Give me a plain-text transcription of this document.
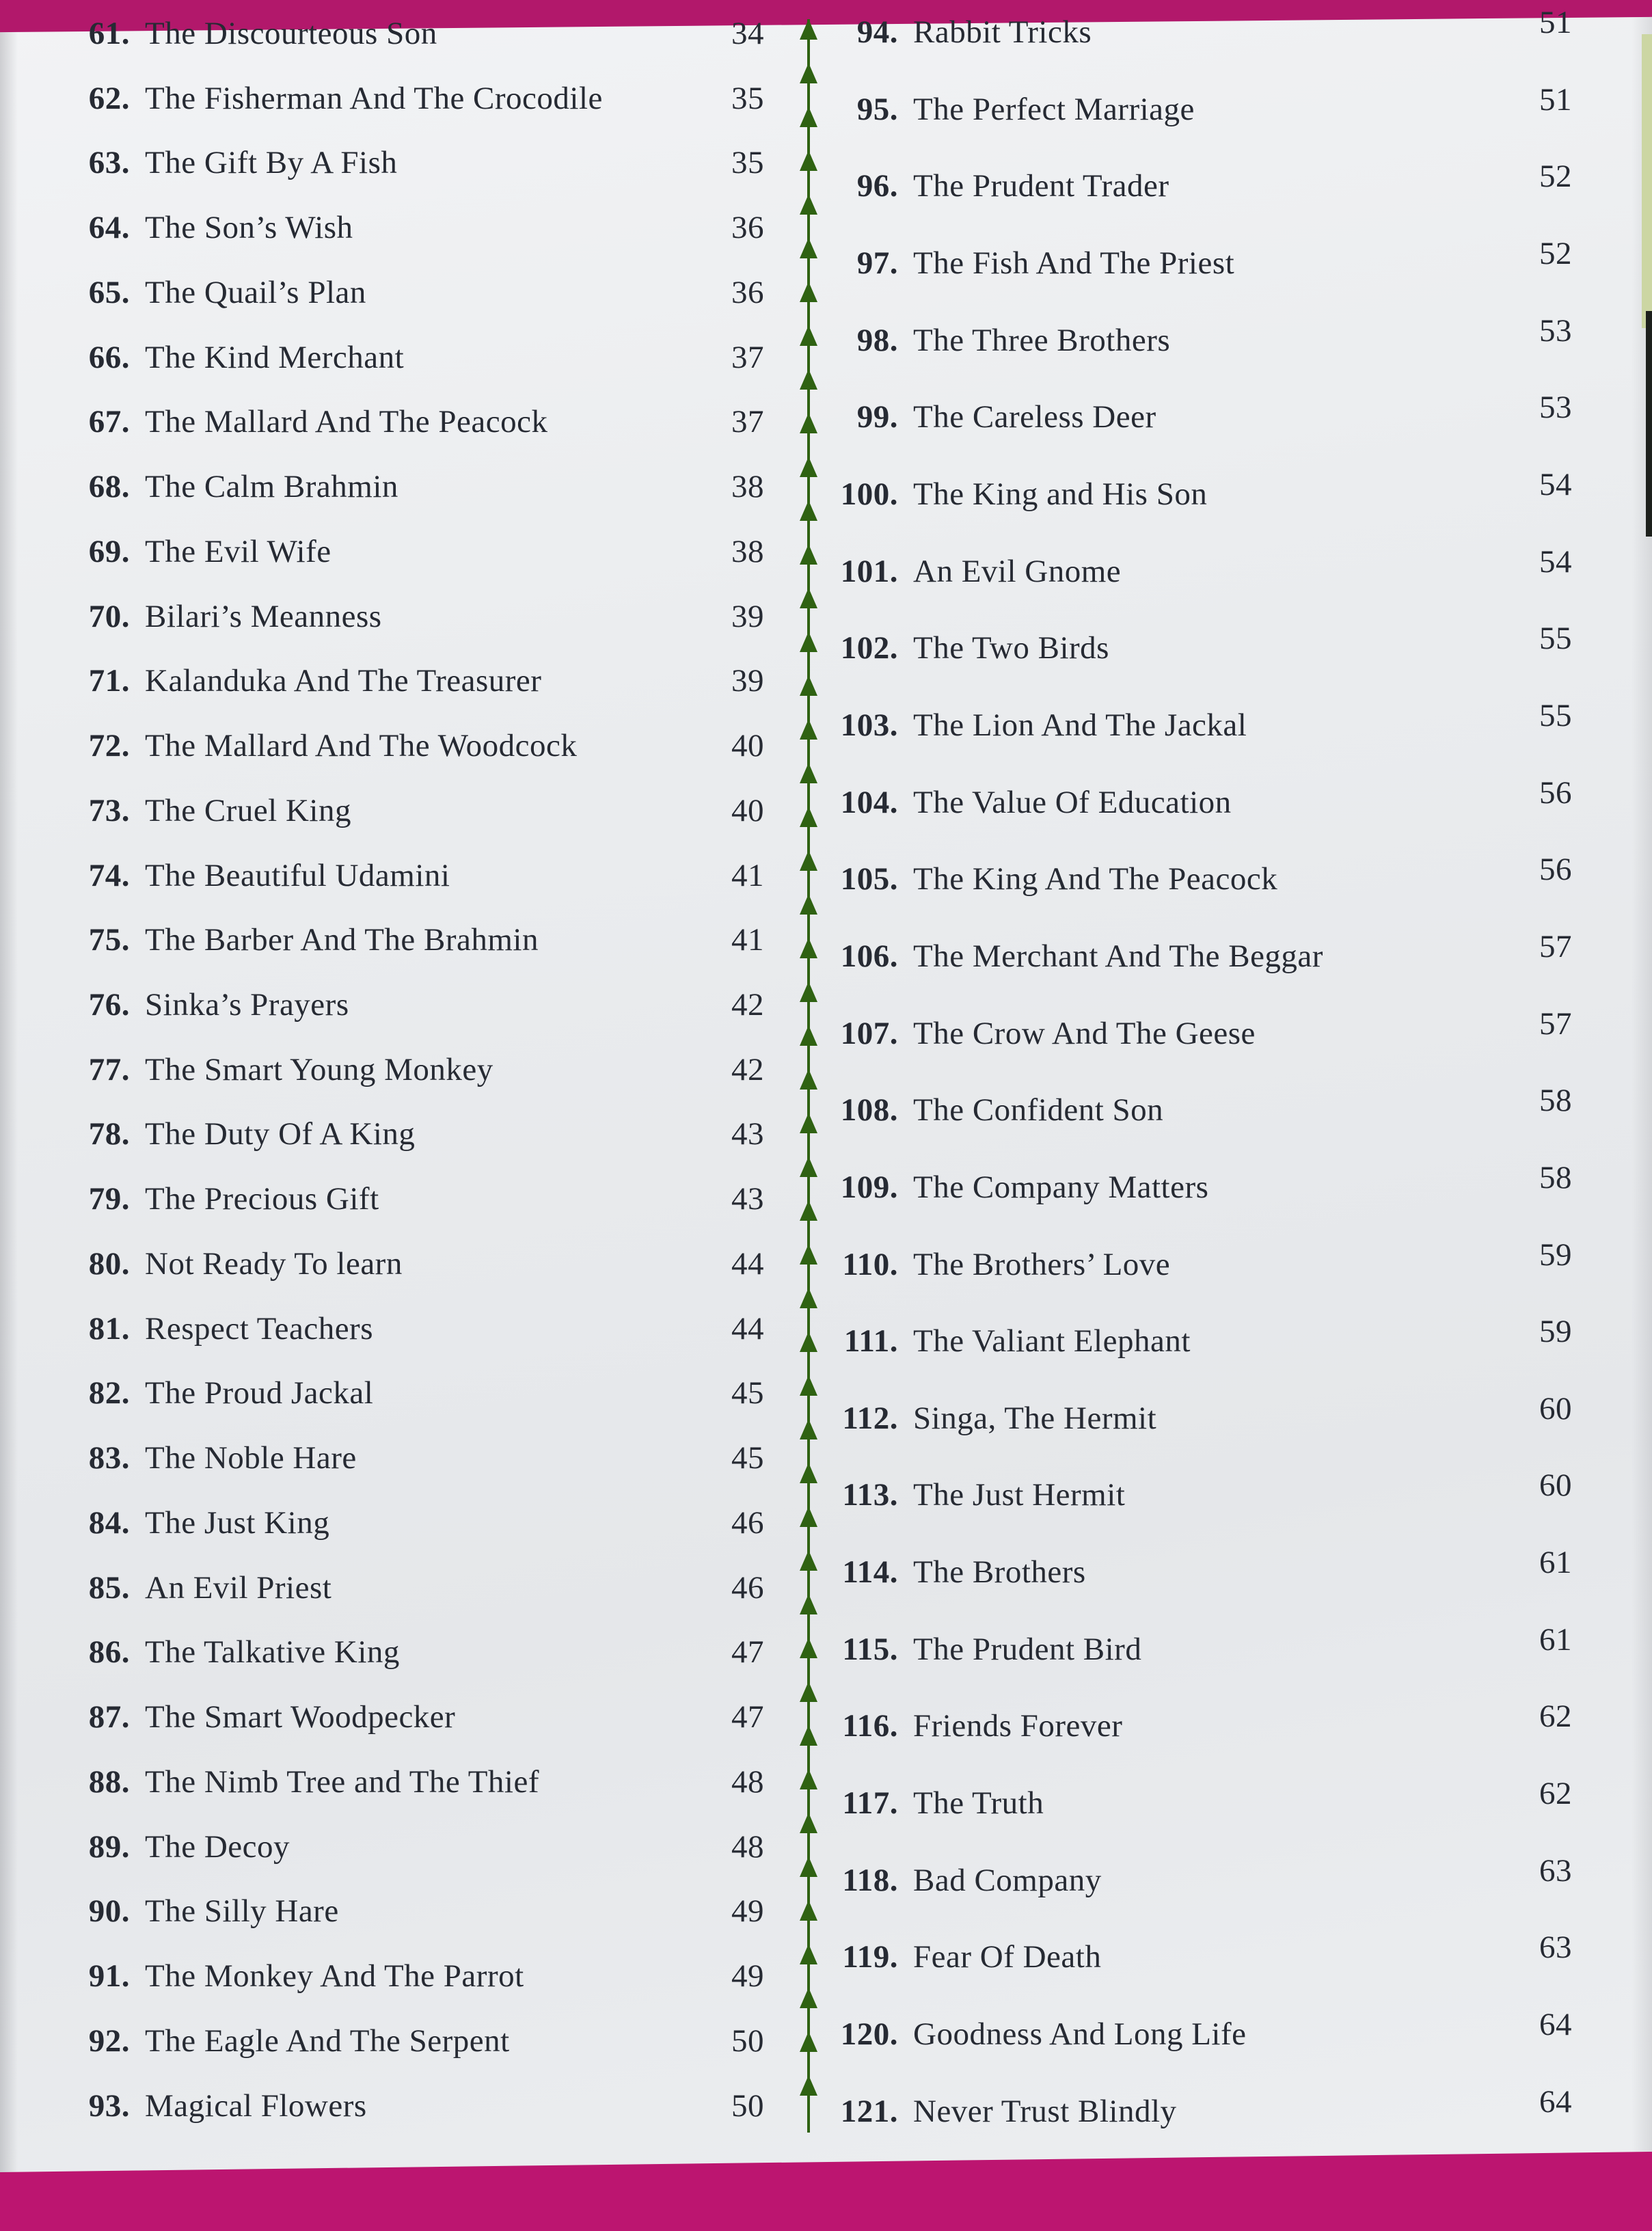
61. The Discourteous Son	34
62. The Fisherman And The Crocodile	35
63. The Gift By A Fish	35
64. The Son’s Wish	36
65. The Quail’s Plan	36
66. The Kind Merchant	37
67. The Mallard And The Peacock	37
68. The Calm Brahmin	38
69. The Evil Wife	38
70. Bilari’s Meanness	39
71. Kalanduka And The Treasurer	39
72. The Mallard And The Woodcock	40
73. The Cruel King	40
74. The Beautiful Udamini	41
75. The Barber And The Brahmin	41
76. Sinka’s Prayers	42
77. The Smart Young Monkey	42
78. The Duty Of A King	43
79. The Precious Gift	43
80. Not Ready To learn	44
81. Respect Teachers	44
82. The Proud Jackal	45
83. The Noble Hare	45
84. The Just King	46
85. An Evil Priest	46
86. The Talkative King	47
87. The Smart Woodpecker	47
88. The Nimb Tree and The Thief	48
89. The Decoy	48
90. The Silly Hare	49
91. The Monkey And The Parrot	49
92. The Eagle And The Serpent	50
93. Magical Flowers	50
94. Rabbit Tricks	51
95. The Perfect Marriage	51
96. The Prudent Trader	52
97. The Fish And The Priest	52
98. The Three Brothers	53
99. The Careless Deer	53
100. The King and His Son	54
101. An Evil Gnome	54
102. The Two Birds	55
103. The Lion And The Jackal	55
104. The Value Of Education	56
105. The King And The Peacock	56
106. The Merchant And The Beggar	57
107. The Crow And The Geese	57
108. The Confident Son	58
109. The Company Matters	58
110. The Brothers’ Love	59
111. The Valiant Elephant	59
112. Singa, The Hermit	60
113. The Just Hermit	60
114. The Brothers	61
115. The Prudent Bird	61
116. Friends Forever	62
117. The Truth	62
118. Bad Company	63
119. Fear Of Death	63
120. Goodness And Long Life	64
121. Never Trust Blindly	64
